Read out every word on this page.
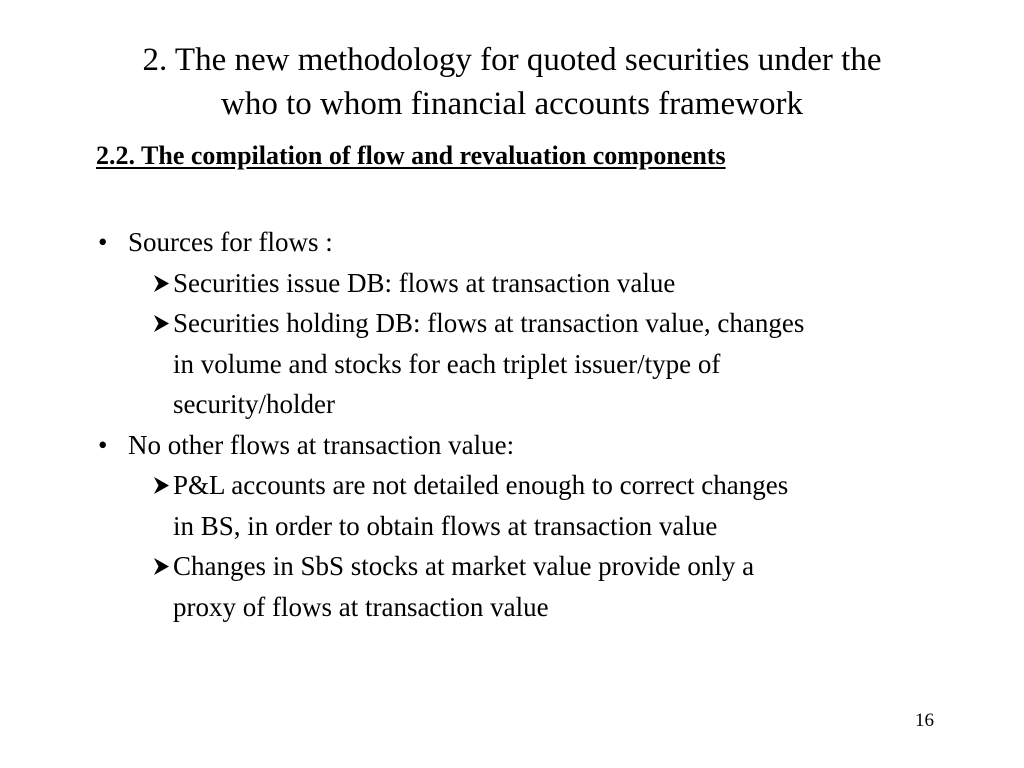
2. The new methodology for quoted securities under the
who to whom financial accounts framework
2.2. The compilation of flow and revaluation components
• Sources for flows :
Securities issue DB: flows at transaction value
Securities holding DB: flows at transaction value, changes
in volume and stocks for each triplet issuer/type of
security/holder
• No other flows at transaction value:
P&L accounts are not detailed enough to correct changes
in BS, in order to obtain flows at transaction value
Changes in SbS stocks at market value provide only a
proxy of flows at transaction value
16
